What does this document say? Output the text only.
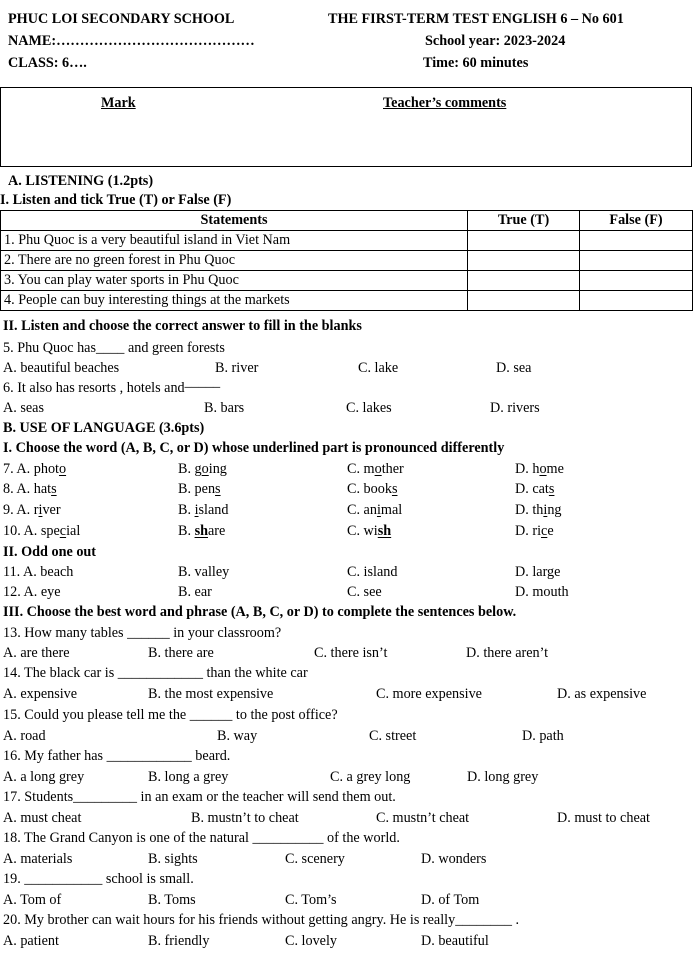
PHUC LOI SECONDARY SCHOOL	THE FIRST-TERM TEST ENGLISH 6 – No 601
NAME:……………………………………	School year: 2023-2024
CLASS: 6….	Time: 60 minutes
Mark	Teacher’s comments
A. LISTENING (1.2pts)
I. Listen and tick True (T) or False (F)
Statements	True (T)	False (F)
1. Phu Quoc is a very beautiful island in Viet Nam		
2. There are no green forest in Phu Quoc		
3. You can play water sports in Phu Quoc		
4. People can buy interesting things at the markets		
II. Listen and choose the correct answer to fill in the blanks
5. Phu Quoc has____ and green forests
A. beautiful beaches	B. river	C. lake	D. sea
6. It also has resorts , hotels and_____
A. seas	B. bars	C. lakes	D. rivers
B. USE OF LANGUAGE (3.6pts)
I. Choose the word (A, B, C, or D) whose underlined part is pronounced differently
7. A. photo	B. going	C. mother	D. home
8. A. hats	B. pens	C. books	D. cats
9. A. river	B. island	C. animal	D. thing
10. A. special	B. share	C. wish	D. rice
II. Odd one out
11. A. beach	B. valley	C. island	D. large
12. A. eye	B. ear	C. see	D. mouth
III. Choose the best word and phrase (A, B, C, or D) to complete the sentences below.
13. How many tables ______ in your classroom?
A. are there	B. there are	C. there isn’t	D. there aren’t
14. The black car is ____________ than the white car
A. expensive	B. the most expensive	C. more expensive	D. as expensive
15. Could you please tell me the ______ to the post office?
A. road	B. way	C. street	D. path
16. My father has ____________ beard.
A. a long grey	B. long a grey	C. a grey long	D. long grey
17. Students_________ in an exam or the teacher will send them out.
A. must cheat	B. mustn’t to cheat	C. mustn’t cheat	D. must to cheat
18. The Grand Canyon is one of the natural __________ of the world.
A. materials	B. sights	C. scenery	D. wonders
19. ___________ school is small.
A. Tom of	B. Toms	C. Tom’s	D. of Tom
20. My brother can wait hours for his friends without getting angry. He is really________ .
A. patient	B. friendly	C. lovely	D. beautiful
